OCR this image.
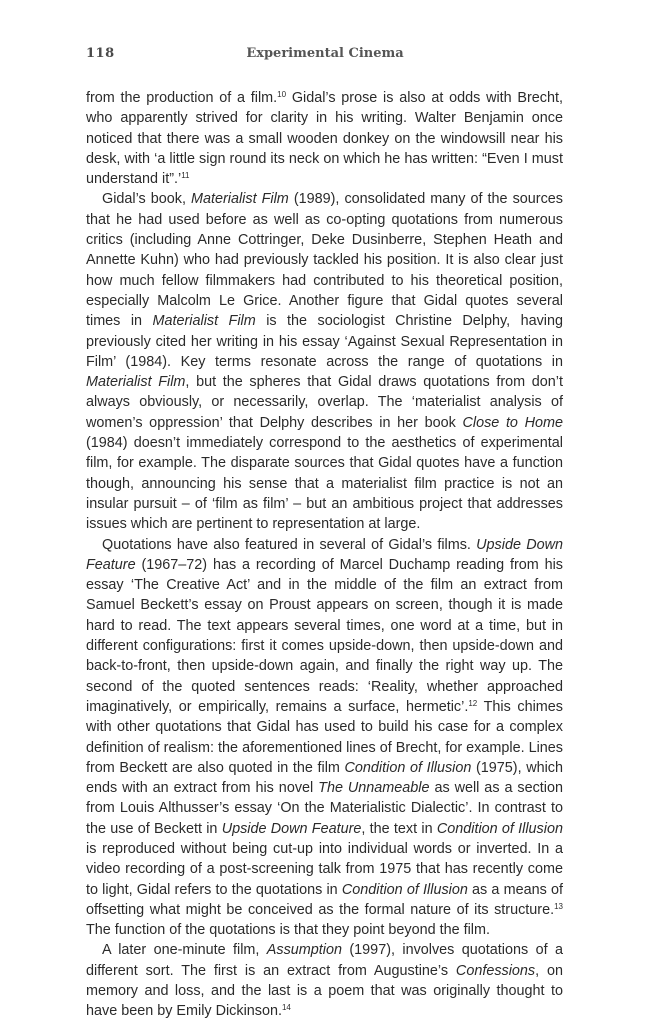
118	Experimental Cinema

from the production of a film.$^{10}$ Gidal’s prose is also at odds with Brecht, who apparently strived for clarity in his writing. Walter Benjamin once noticed that there was a small wooden donkey on the windowsill near his desk, with ‘a little sign round its neck on which he has written: “Even I must understand it”.’$^{11}$

Gidal’s book, Materialist Film (1989), consolidated many of the sources that he had used before as well as co-opting quotations from numerous critics (including Anne Cottringer, Deke Dusinberre, Stephen Heath and Annette Kuhn) who had previously tackled his position. It is also clear just how much fellow filmmakers had contributed to his theoretical position, especially Malcolm Le Grice. Another figure that Gidal quotes several times in Materialist Film is the sociologist Christine Delphy, having previously cited her writing in his essay ‘Against Sexual Representation in Film’ (1984). Key terms resonate across the range of quotations in Materialist Film, but the spheres that Gidal draws quotations from don’t always obviously, or necessarily, overlap. The ‘materialist analysis of women’s oppression’ that Delphy describes in her book Close to Home (1984) doesn’t immediately correspond to the aesthetics of experimental film, for example. The disparate sources that Gidal quotes have a function though, announcing his sense that a materialist film practice is not an insular pursuit – of ‘film as film’ – but an ambitious project that addresses issues which are pertinent to representation at large.

Quotations have also featured in several of Gidal’s films. Upside Down Feature (1967–72) has a recording of Marcel Duchamp reading from his essay ‘The Creative Act’ and in the middle of the film an extract from Samuel Beckett’s essay on Proust appears on screen, though it is made hard to read. The text appears several times, one word at a time, but in different configurations: first it comes upside-down, then upside-down and back-to-front, then upside-down again, and finally the right way up. The second of the quoted sentences reads: ‘Reality, whether approached imaginatively, or empirically, remains a surface, hermetic’.$^{12}$ This chimes with other quotations that Gidal has used to build his case for a complex definition of realism: the aforementioned lines of Brecht, for example. Lines from Beckett are also quoted in the film Condition of Illusion (1975), which ends with an extract from his novel The Unnameable as well as a section from Louis Althusser’s essay ‘On the Materialistic Dialectic’. In contrast to the use of Beckett in Upside Down Feature, the text in Condition of Illusion is reproduced without being cut-up into individual words or inverted. In a video recording of a post-screening talk from 1975 that has recently come to light, Gidal refers to the quotations in Condition of Illusion as a means of offsetting what might be conceived as the formal nature of its structure.$^{13}$ The function of the quotations is that they point beyond the film.

A later one-minute film, Assumption (1997), involves quotations of a different sort. The first is an extract from Augustine’s Confessions, on memory and loss, and the last is a poem that was originally thought to have been by Emily Dickinson.$^{14}$
